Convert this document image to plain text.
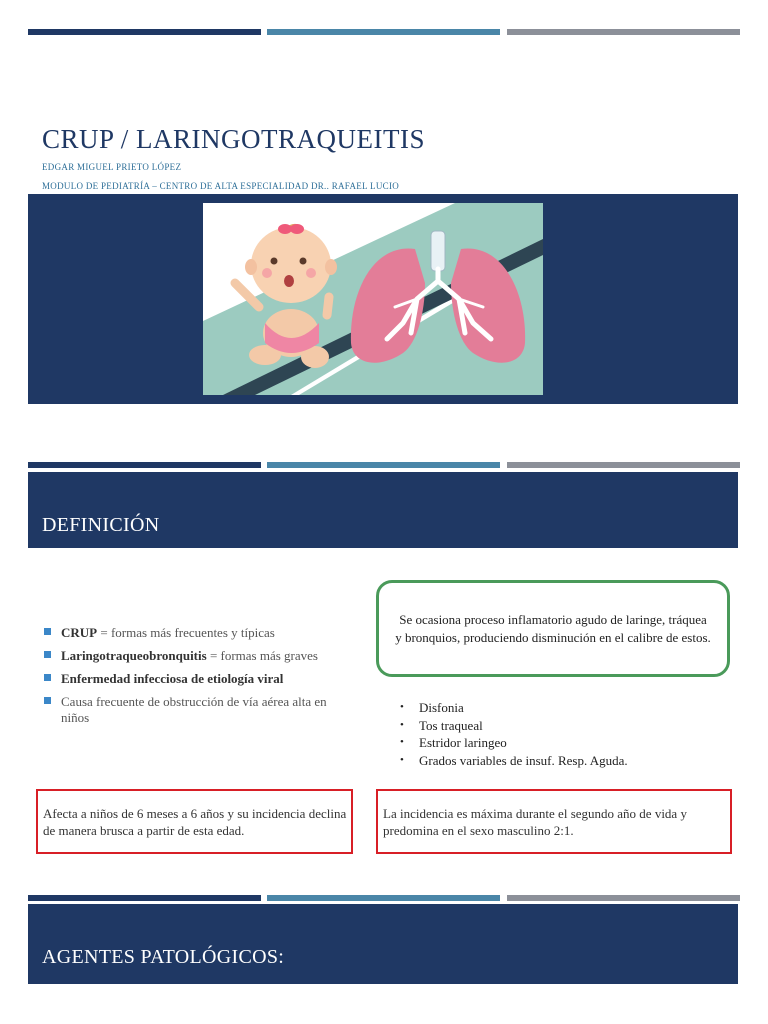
CRUP / LARINGOTRAQUEITIS
EDGAR MIGUEL PRIETO LÓPEZ
MODULO DE PEDIATRÍA – CENTRO DE ALTA ESPECIALIDAD DR.. RAFAEL LUCIO
DEFINICIÓN
CRUP = formas más frecuentes y típicas
Laringotraqueobronquitis = formas más graves
Enfermedad infecciosa de etiología viral
Causa frecuente de obstrucción de vía aérea alta en niños
Se ocasiona proceso inflamatorio agudo de laringe, tráquea y bronquios, produciendo disminución en el calibre de estos.
• Disfonia
• Tos traqueal
• Estridor laringeo
• Grados variables de insuf. Resp. Aguda.
Afecta a niños de 6 meses a 6 años y su incidencia declina de manera brusca a partir de esta edad.
La incidencia es máxima durante el segundo año de vida y predomina en el sexo masculino 2:1.
AGENTES PATOLÓGICOS:
